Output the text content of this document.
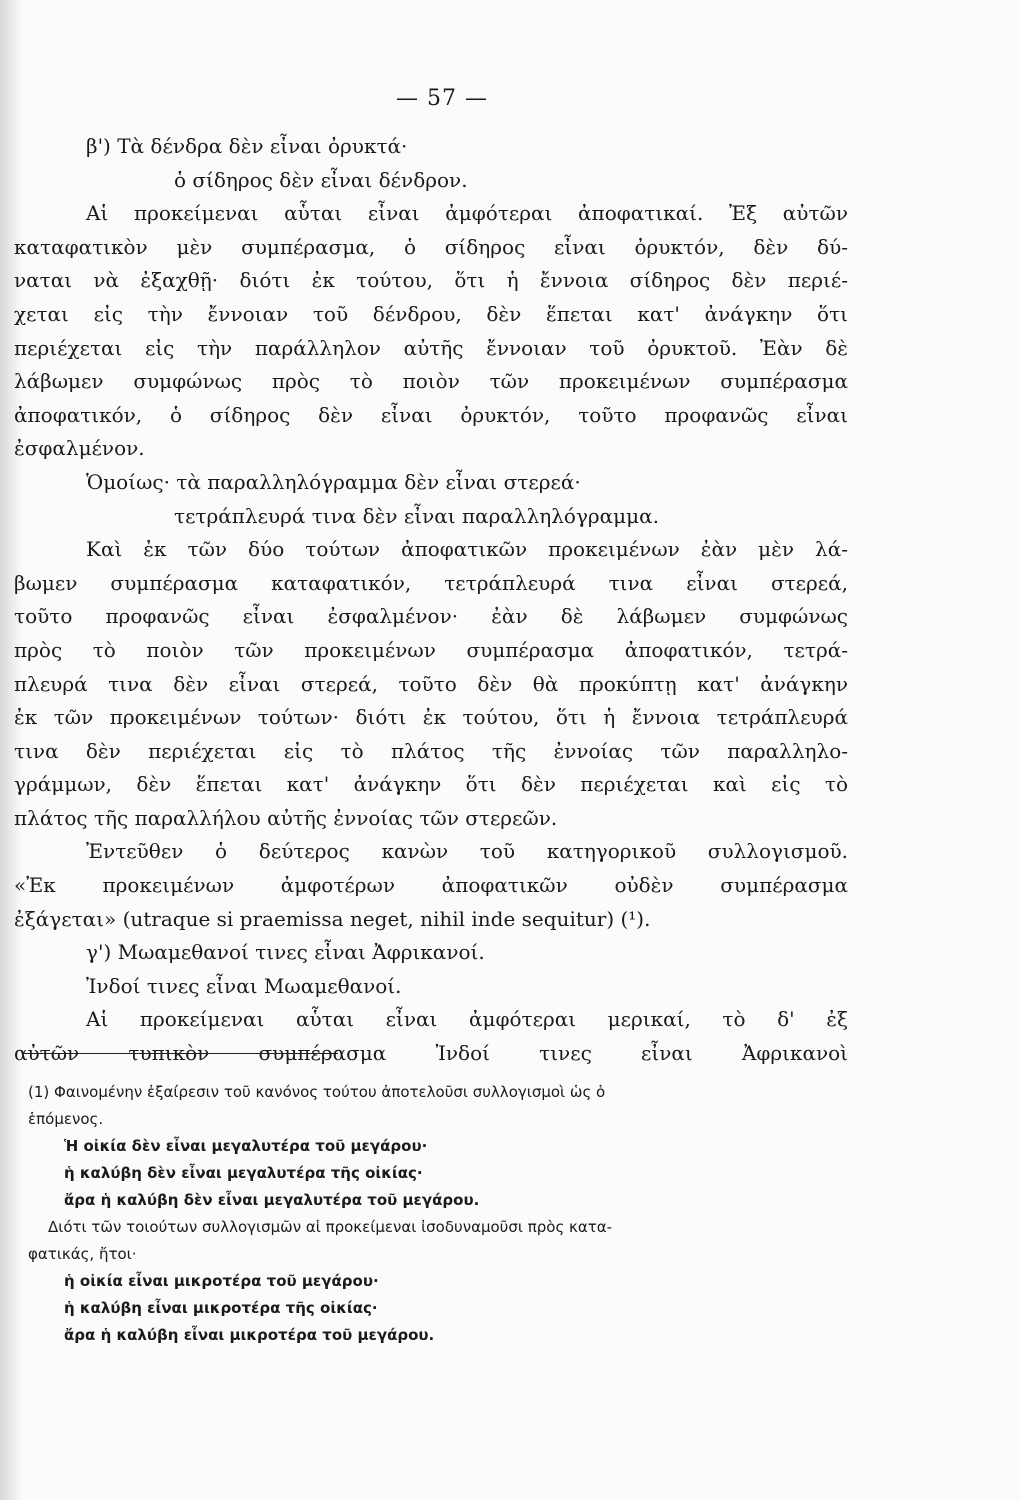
— 57 —

β') Τὰ δένδρα δὲν εἶναι ὀρυκτά·

ὁ σίδηρος δὲν εἶναι δένδρον.

Αἱ προκείμεναι αὗται εἶναι ἀμφότεραι ἀποφατικαί. Ἐξ αὐτῶν

καταφατικὸν μὲν συμπέρασμα, ὁ σίδηρος εἶναι ὀρυκτόν, δὲν δύ-

ναται νὰ ἐξαχθῇ· διότι ἐκ τούτου, ὅτι ἡ ἔννοια σίδηρος δὲν περιέ-

χεται εἰς τὴν ἔννοιαν τοῦ δένδρου, δὲν ἕπεται κατ' ἀνάγκην ὅτι

περιέχεται εἰς τὴν παράλληλον αὐτῆς ἔννοιαν τοῦ ὀρυκτοῦ. Ἐὰν δὲ

λάβωμεν συμφώνως πρὸς τὸ ποιὸν τῶν προκειμένων συμπέρασμα

ἀποφατικόν, ὁ σίδηρος δὲν εἶναι ὀρυκτόν, τοῦτο προφανῶς εἶναι

ἐσφαλμένον.

Ὁμοίως· τὰ παραλληλόγραμμα δὲν εἶναι στερεά·

τετράπλευρά τινα δὲν εἶναι παραλληλόγραμμα.

Καὶ ἐκ τῶν δύο τούτων ἀποφατικῶν προκειμένων ἐὰν μὲν λά-

βωμεν συμπέρασμα καταφατικόν, τετράπλευρά τινα εἶναι στερεά,

τοῦτο προφανῶς εἶναι ἐσφαλμένον· ἐὰν δὲ λάβωμεν συμφώνως

πρὸς τὸ ποιὸν τῶν προκειμένων συμπέρασμα ἀποφατικόν, τετρά-

πλευρά τινα δὲν εἶναι στερεά, τοῦτο δὲν θὰ προκύπτῃ κατ' ἀνάγκην

ἐκ τῶν προκειμένων τούτων· διότι ἐκ τούτου, ὅτι ἡ ἔννοια τετράπλευρά

τινα δὲν περιέχεται εἰς τὸ πλάτος τῆς ἐννοίας τῶν παραλληλο-

γράμμων, δὲν ἕπεται κατ' ἀνάγκην ὅτι δὲν περιέχεται καὶ εἰς τὸ

πλάτος τῆς παραλλήλου αὐτῆς ἐννοίας τῶν στερεῶν.

Ἐντεῦθεν ὁ δεύτερος κανὼν τοῦ κατηγορικοῦ συλλογισμοῦ.

«Ἐκ προκειμένων ἀμφοτέρων ἀποφατικῶν οὐδὲν συμπέρασμα

ἐξάγεται» (utraque si praemissa neget, nihil inde sequitur) (¹).

γ') Μωαμεθανοί τινες εἶναι Ἀφρικανοί.

Ἰνδοί τινες εἶναι Μωαμεθανοί.

Αἱ προκείμεναι αὗται εἶναι ἀμφότεραι μερικαί, τὸ δ' ἐξ

αὐτῶν τυπικὸν συμπέρασμα Ἰνδοί τινες εἶναι Ἀφρικανοὶ

(1) Φαινομένην ἐξαίρεσιν τοῦ κανόνος τούτου ἀποτελοῦσι συλλογισμοὶ ὡς ὁ

ἑπόμενος.

Ἡ οἰκία δὲν εἶναι μεγαλυτέρα τοῦ μεγάρου·

ἡ καλύβη δὲν εἶναι μεγαλυτέρα τῆς οἰκίας·

ἄρα ἡ καλύβη δὲν εἶναι μεγαλυτέρα τοῦ μεγάρου.

Διότι τῶν τοιούτων συλλογισμῶν αἱ προκείμεναι ἰσοδυναμοῦσι πρὸς κατα-

φατικάς, ἤτοι·

ἡ οἰκία εἶναι μικροτέρα τοῦ μεγάρου·

ἡ καλύβη εἶναι μικροτέρα τῆς οἰκίας·

ἄρα ἡ καλύβη εἶναι μικροτέρα τοῦ μεγάρου.
